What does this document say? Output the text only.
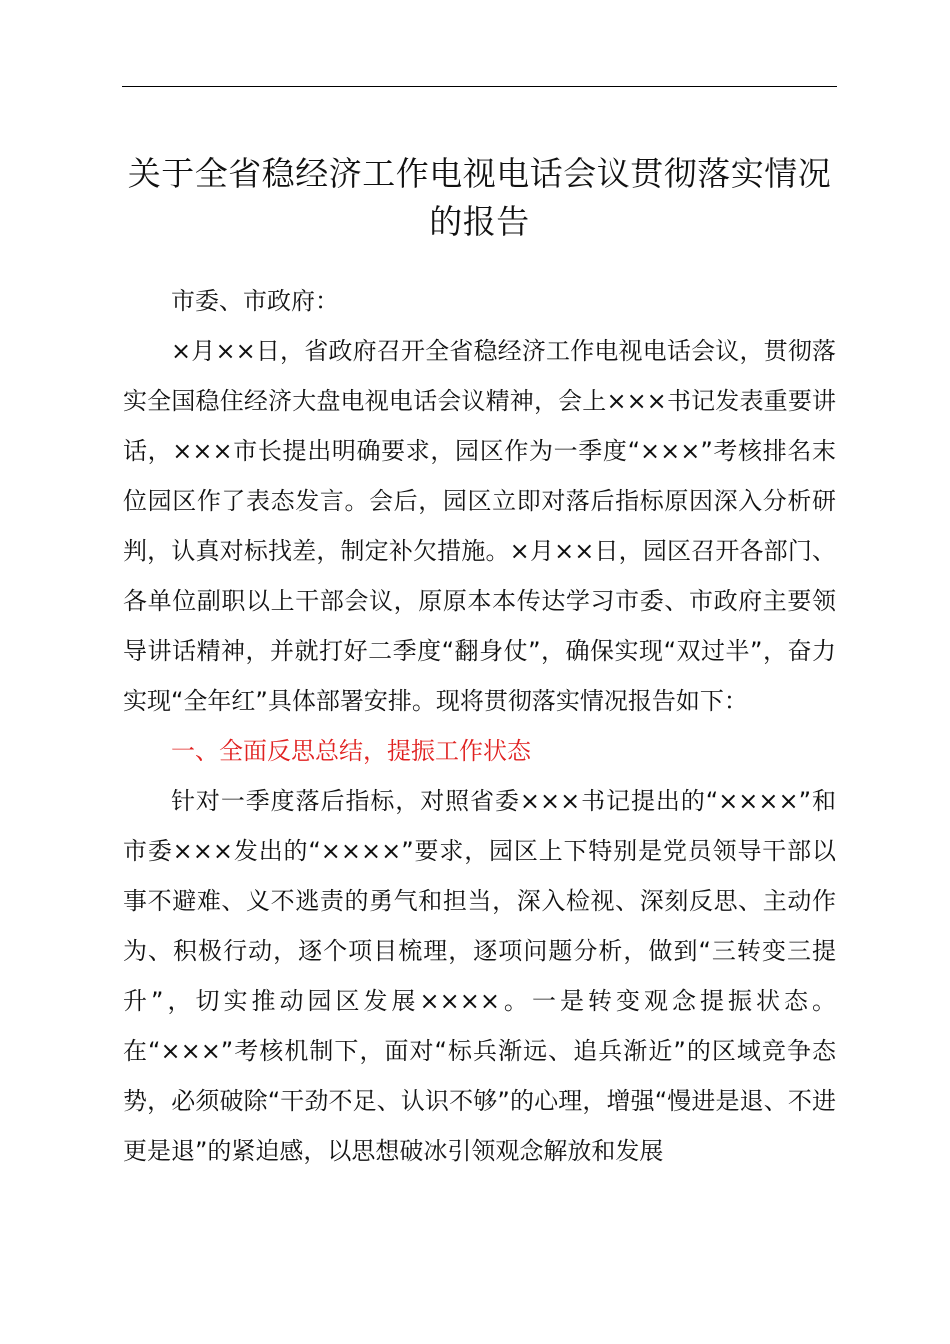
关于全省稳经济工作电视电话会议贯彻落实情况的报告

市委、市政府：

×月××日，省政府召开全省稳经济工作电视电话会议，贯彻落实全国稳住经济大盘电视电话会议精神，会上×××书记发表重要讲话，×××市长提出明确要求，园区作为一季度“×××”考核排名末位园区作了表态发言。会后，园区立即对落后指标原因深入分析研判，认真对标找差，制定补欠措施。×月××日，园区召开各部门、各单位副职以上干部会议，原原本本传达学习市委、市政府主要领导讲话精神，并就打好二季度“翻身仗”，确保实现“双过半”，奋力实现“全年红”具体部署安排。现将贯彻落实情况报告如下：

一、全面反思总结，提振工作状态

针对一季度落后指标，对照省委×××书记提出的“××××”和市委×××发出的“××××”要求，园区上下特别是党员领导干部以事不避难、义不逃责的勇气和担当，深入检视、深刻反思、主动作为、积极行动，逐个项目梳理，逐项问题分析，做到“三转变三提升”，切实推动园区发展××××。一是转变观念提振状态。在“×××”考核机制下，面对“标兵渐远、追兵渐近”的区域竞争态势，必须破除“干劲不足、认识不够”的心理，增强“慢进是退、不进更是退”的紧迫感，以思想破冰引领观念解放和发展
